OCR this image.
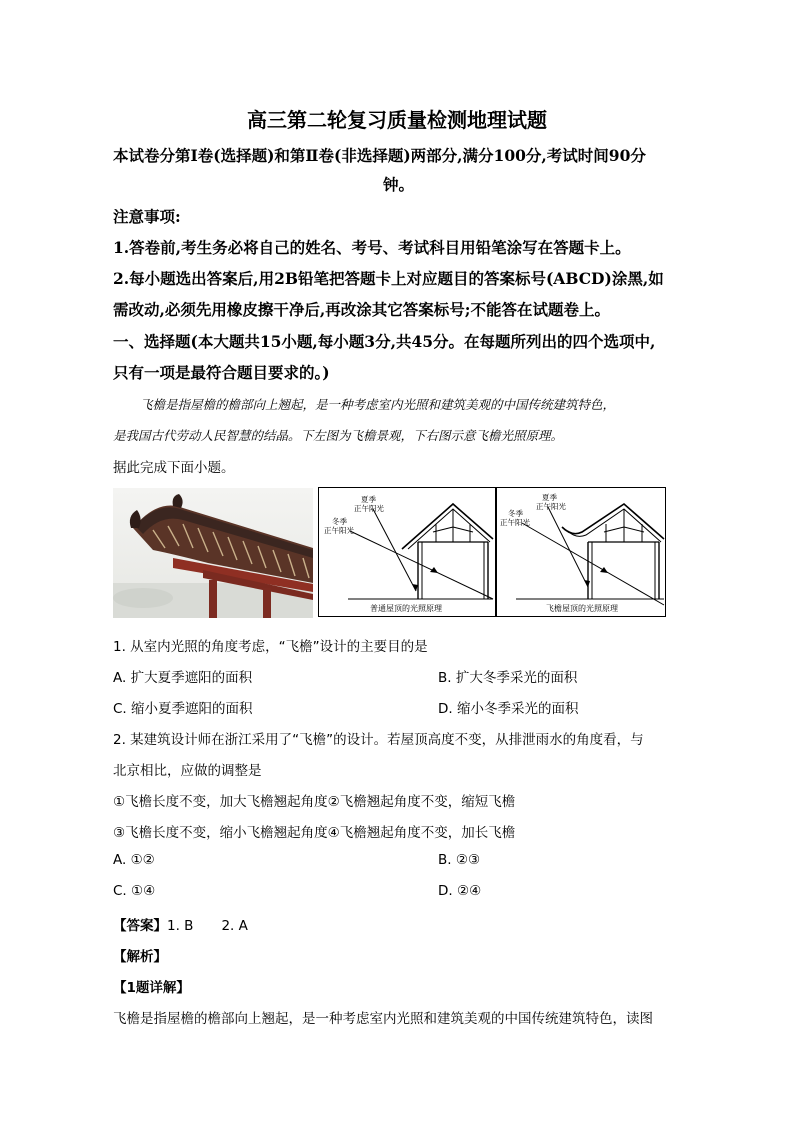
高三第二轮复习质量检测地理试题
本试卷分第Ⅰ卷(选择题)和第Ⅱ卷(非选择题)两部分,满分100分,考试时间90分
钟。
注意事项:
1.答卷前,考生务必将自己的姓名、考号、考试科目用铅笔涂写在答题卡上。
2.每小题选出答案后,用2B铅笔把答题卡上对应题目的答案标号(ABCD)涂黑,如
需改动,必须先用橡皮擦干净后,再改涂其它答案标号;不能答在试题卷上。
一、选择题(本大题共15小题,每小题3分,共45分。在每题所列出的四个选项中,
只有一项是最符合题目要求的。)
飞檐是指屋檐的檐部向上翘起，是一种考虑室内光照和建筑美观的中国传统建筑特色，
是我国古代劳动人民智慧的结晶。下左图为飞檐景观，下右图示意飞檐光照原理。
据此完成下面小题。
夏季
正午阳光
冬季
正午阳光
普通屋顶的光照原理
夏季
正午阳光
冬季
正午阳光
飞檐屋顶的光照原理
1. 从室内光照的角度考虑，“飞檐”设计的主要目的是
A. 扩大夏季遮阳的面积	B. 扩大冬季采光的面积
C. 缩小夏季遮阳的面积	D. 缩小冬季采光的面积
2. 某建筑设计师在浙江采用了“飞檐”的设计。若屋顶高度不变，从排泄雨水的角度看，与
北京相比，应做的调整是
①飞檐长度不变，加大飞檐翘起角度②飞檐翘起角度不变，缩短飞檐
③飞檐长度不变，缩小飞檐翘起角度④飞檐翘起角度不变，加长飞檐
A. ①②	B. ②③
C. ①④	D. ②④
【答案】1. B 2. A
【解析】
【1题详解】
飞檐是指屋檐的檐部向上翘起，是一种考虑室内光照和建筑美观的中国传统建筑特色，读图
